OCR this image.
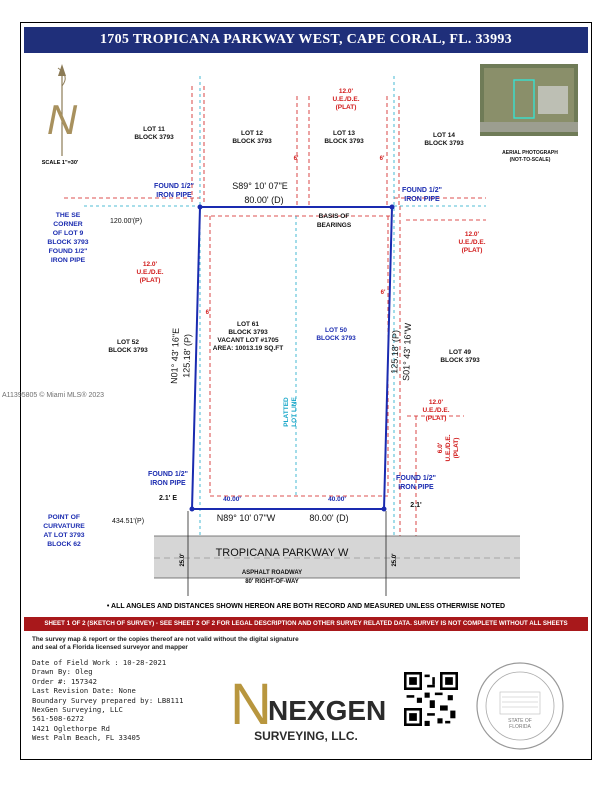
1705 TROPICANA PARKWAY WEST, CAPE CORAL, FL. 33993
A11395805 © Miami MLS® 2023
N
SCALE 1"=30'
LOT 11
BLOCK 3793
LOT 12
BLOCK 3793
LOT 13
BLOCK 3793
LOT 14
BLOCK 3793
LOT 52
BLOCK 3793
LOT 61
BLOCK 3793
VACANT LOT #1705
AREA: 10013.19 SQ.FT
LOT 50
BLOCK 3793
LOT 49
BLOCK 3793
12.0'
U.E./D.E.
(PLAT)
12.0'
U.E./D.E.
(PLAT)
12.0'
U.E./D.E.
(PLAT)
12.0'
U.E./D.E.
(PLAT)
6.0' U.E./D.E. (PLAT)
6'	6'
6'
6'
S89° 10' 07"E
80.00' (D)
N89° 10' 07"W	80.00' (D)
40.00'	40.00'
N01° 43' 16"E 125.18' (P)	125.18' (P) S01° 43' 16"W
BASIS OF
BEARINGS
PLATTED LOT LINE
FOUND 1/2"
IRON PIPE
FOUND 1/2"
IRON PIPE
FOUND 1/2"
IRON PIPE
2.1' E
FOUND 1/2"
IRON PIPE
2.1'
THE SE
CORNER
OF LOT 9
BLOCK 3793
FOUND 1/2"
IRON PIPE
120.00'(P)
434.51'(P)
POINT OF
CURVATURE
AT LOT 3793
BLOCK 62
TROPICANA PARKWAY W
ASPHALT ROADWAY
80' RIGHT-OF-WAY
25.0'	25.0'
AERIAL PHOTOGRAPH
(NOT-TO-SCALE)
• ALL ANGLES AND DISTANCES SHOWN HEREON ARE BOTH RECORD AND MEASURED UNLESS OTHERWISE NOTED
SHEET 1 OF 2 (SKETCH OF SURVEY) - SEE SHEET 2 OF 2 FOR LEGAL DESCRIPTION AND OTHER SURVEY RELATED DATA. SURVEY IS NOT COMPLETE WITHOUT ALL SHEETS
The survey map & report or the copies thereof are not valid without the digital signature
and seal of a Florida licensed surveyor and mapper
Date of Field Work : 10-28-2021
Drawn By: Oleg
Order #: 157342
Last Revision Date: None
Boundary Survey prepared by: LB8111
NexGen Surveying, LLC
561-508-6272
1421 Oglethorpe Rd
West Palm Beach, FL 33405
N
NEXGEN
SURVEYING, LLC.
STATE OF
FLORIDA
